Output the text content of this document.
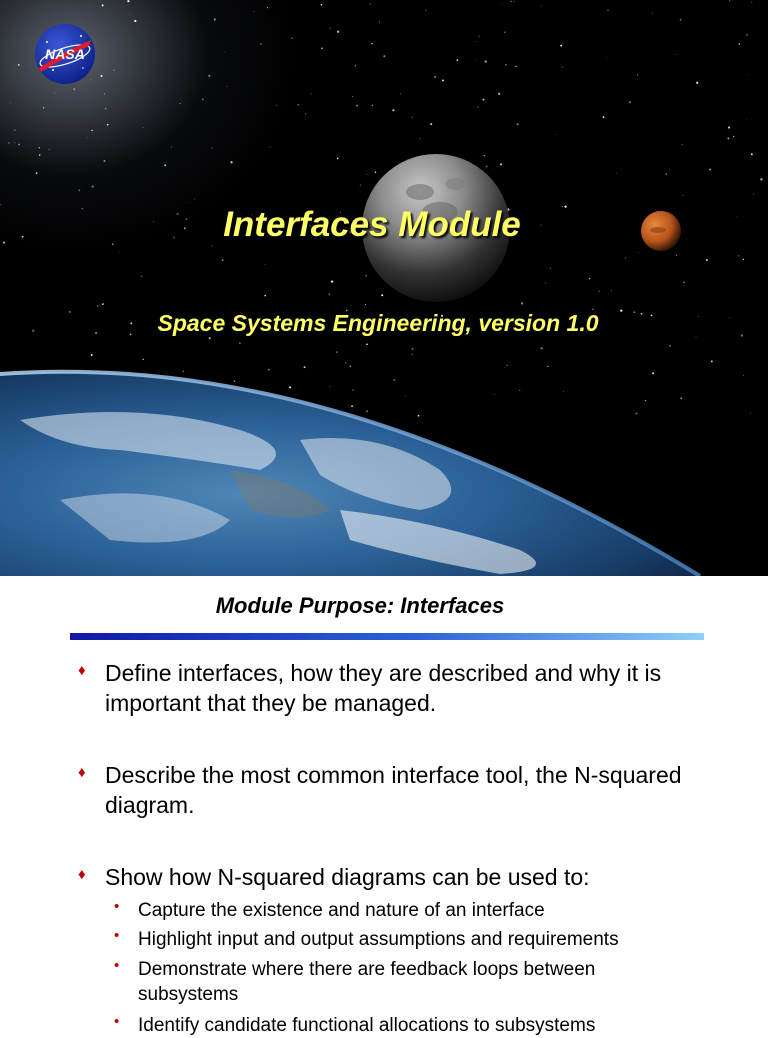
NASA
Interfaces Module
Space Systems Engineering, version 1.0
Module Purpose: Interfaces
♦ Define interfaces, how they are described and why it is important that they be managed.
♦ Describe the most common interface tool, the N-squared diagram.
♦ Show how N-squared diagrams can be used to:
• Capture the existence and nature of an interface
• Highlight input and output assumptions and requirements
• Demonstrate where there are feedback loops between subsystems
• Identify candidate functional allocations to subsystems
